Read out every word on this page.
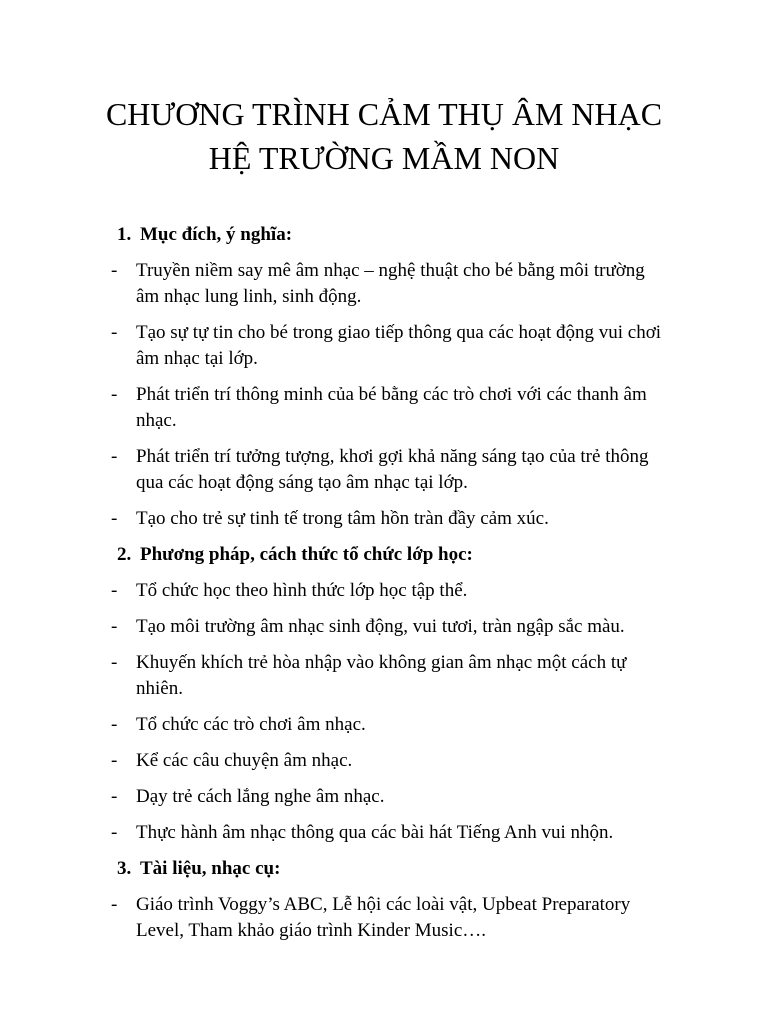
CHƯƠNG TRÌNH CẢM THỤ ÂM NHẠC
HỆ TRƯỜNG MẦM NON
1. Mục đích, ý nghĩa:
- Truyền niềm say mê âm nhạc – nghệ thuật cho bé bằng môi trường âm nhạc lung linh, sinh động.
- Tạo sự tự tin cho bé trong giao tiếp thông qua các hoạt động vui chơi âm nhạc tại lớp.
- Phát triển trí thông minh của bé bằng các trò chơi với các thanh âm nhạc.
- Phát triển trí tưởng tượng, khơi gợi khả năng sáng tạo của trẻ thông qua các hoạt động sáng tạo âm nhạc tại lớp.
- Tạo cho trẻ sự tinh tế trong tâm hồn tràn đầy cảm xúc.
2. Phương pháp, cách thức tổ chức lớp học:
- Tổ chức học theo hình thức lớp học tập thể.
- Tạo môi trường âm nhạc sinh động, vui tươi, tràn ngập sắc màu.
- Khuyến khích trẻ hòa nhập vào không gian âm nhạc một cách tự nhiên.
- Tổ chức các trò chơi âm nhạc.
- Kể các câu chuyện âm nhạc.
- Dạy trẻ cách lắng nghe âm nhạc.
- Thực hành âm nhạc thông qua các bài hát Tiếng Anh vui nhộn.
3. Tài liệu, nhạc cụ:
- Giáo trình Voggy’s ABC, Lễ hội các loài vật, Upbeat Preparatory Level, Tham khảo giáo trình Kinder Music….
